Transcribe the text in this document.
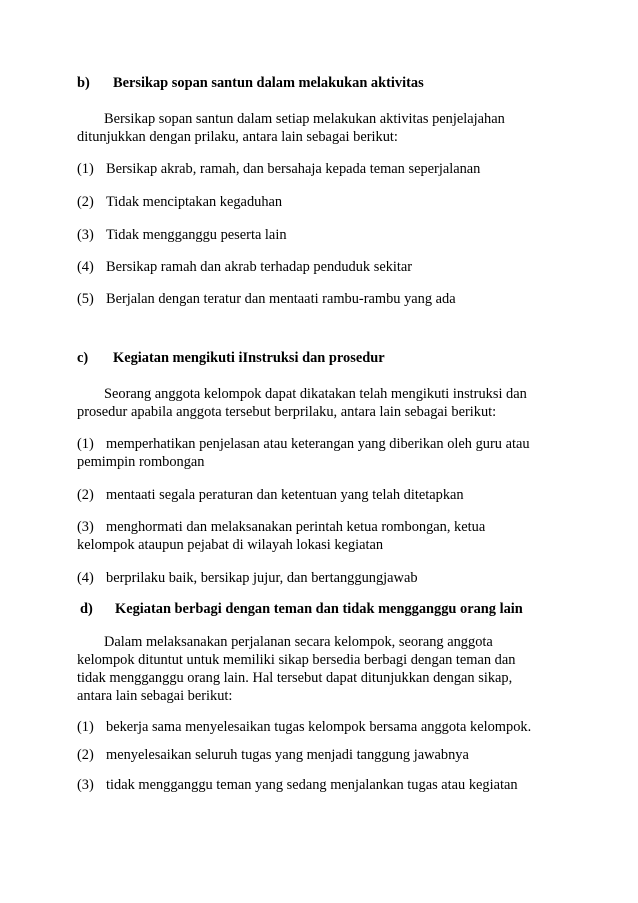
b) Bersikap sopan santun dalam melakukan aktivitas
Bersikap sopan santun dalam setiap melakukan aktivitas penjelajahan
ditunjukkan dengan prilaku, antara lain sebagai berikut:
(1) Bersikap akrab, ramah, dan bersahaja kepada teman seperjalanan
(2) Tidak menciptakan kegaduhan
(3) Tidak mengganggu peserta lain
(4) Bersikap ramah dan akrab terhadap penduduk sekitar
(5) Berjalan dengan teratur dan mentaati rambu-rambu yang ada
c) Kegiatan mengikuti iInstruksi dan prosedur
Seorang anggota kelompok dapat dikatakan telah mengikuti instruksi dan
prosedur apabila anggota tersebut berprilaku, antara lain sebagai berikut:
(1) memperhatikan penjelasan atau keterangan yang diberikan oleh guru atau
pemimpin rombongan
(2) mentaati segala peraturan dan ketentuan yang telah ditetapkan
(3) menghormati dan melaksanakan perintah ketua rombongan, ketua
kelompok ataupun pejabat di wilayah lokasi kegiatan
(4) berprilaku baik, bersikap jujur, dan bertanggungjawab
d) Kegiatan berbagi dengan teman dan tidak mengganggu orang lain
Dalam melaksanakan perjalanan secara kelompok, seorang anggota
kelompok dituntut untuk memiliki sikap bersedia berbagi dengan teman dan
tidak mengganggu orang lain. Hal tersebut dapat ditunjukkan dengan sikap,
antara lain sebagai berikut:
(1) bekerja sama menyelesaikan tugas kelompok bersama anggota kelompok.
(2) menyelesaikan seluruh tugas yang menjadi tanggung jawabnya
(3) tidak mengganggu teman yang sedang menjalankan tugas atau kegiatan
